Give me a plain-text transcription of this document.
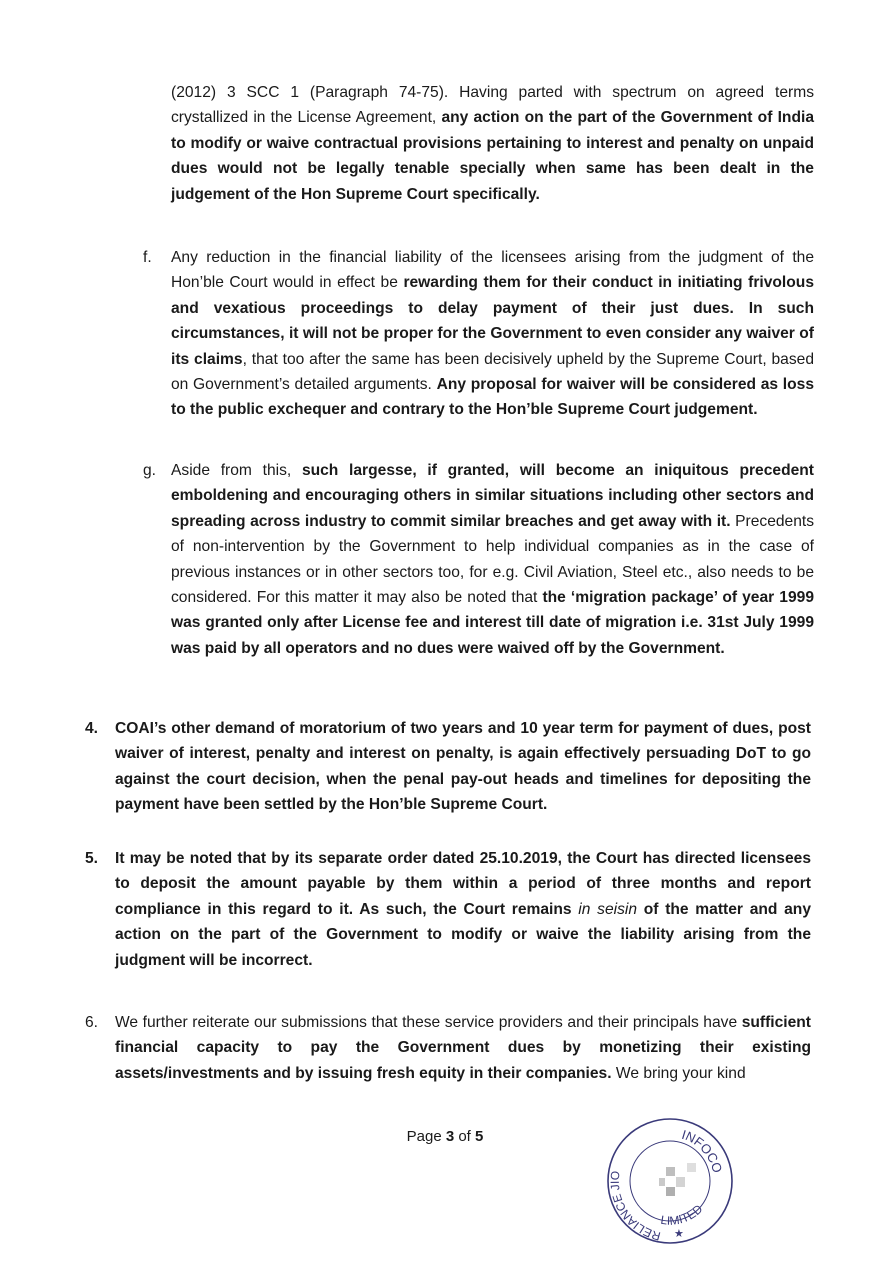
(2012) 3 SCC 1 (Paragraph 74-75). Having parted with spectrum on agreed terms crystallized in the License Agreement, any action on the part of the Government of India to modify or waive contractual provisions pertaining to interest and penalty on unpaid dues would not be legally tenable specially when same has been dealt in the judgement of the Hon Supreme Court specifically.
f. Any reduction in the financial liability of the licensees arising from the judgment of the Hon’ble Court would in effect be rewarding them for their conduct in initiating frivolous and vexatious proceedings to delay payment of their just dues. In such circumstances, it will not be proper for the Government to even consider any waiver of its claims, that too after the same has been decisively upheld by the Supreme Court, based on Government’s detailed arguments. Any proposal for waiver will be considered as loss to the public exchequer and contrary to the Hon’ble Supreme Court judgement.
g. Aside from this, such largesse, if granted, will become an iniquitous precedent emboldening and encouraging others in similar situations including other sectors and spreading across industry to commit similar breaches and get away with it. Precedents of non-intervention by the Government to help individual companies as in the case of previous instances or in other sectors too, for e.g. Civil Aviation, Steel etc., also needs to be considered. For this matter it may also be noted that the ‘migration package’ of year 1999 was granted only after License fee and interest till date of migration i.e. 31st July 1999 was paid by all operators and no dues were waived off by the Government.
4. COAI’s other demand of moratorium of two years and 10 year term for payment of dues, post waiver of interest, penalty and interest on penalty, is again effectively persuading DoT to go against the court decision, when the penal pay-out heads and timelines for depositing the payment have been settled by the Hon’ble Supreme Court.
5. It may be noted that by its separate order dated 25.10.2019, the Court has directed licensees to deposit the amount payable by them within a period of three months and report compliance in this regard to it. As such, the Court remains in seisin of the matter and any action on the part of the Government to modify or waive the liability arising from the judgment will be incorrect.
6. We further reiterate our submissions that these service providers and their principals have sufficient financial capacity to pay the Government dues by monetizing their existing assets/investments and by issuing fresh equity in their companies. We bring your kind
Page 3 of 5	INFOCO
RELIANCE JIO
LIMITED
★
